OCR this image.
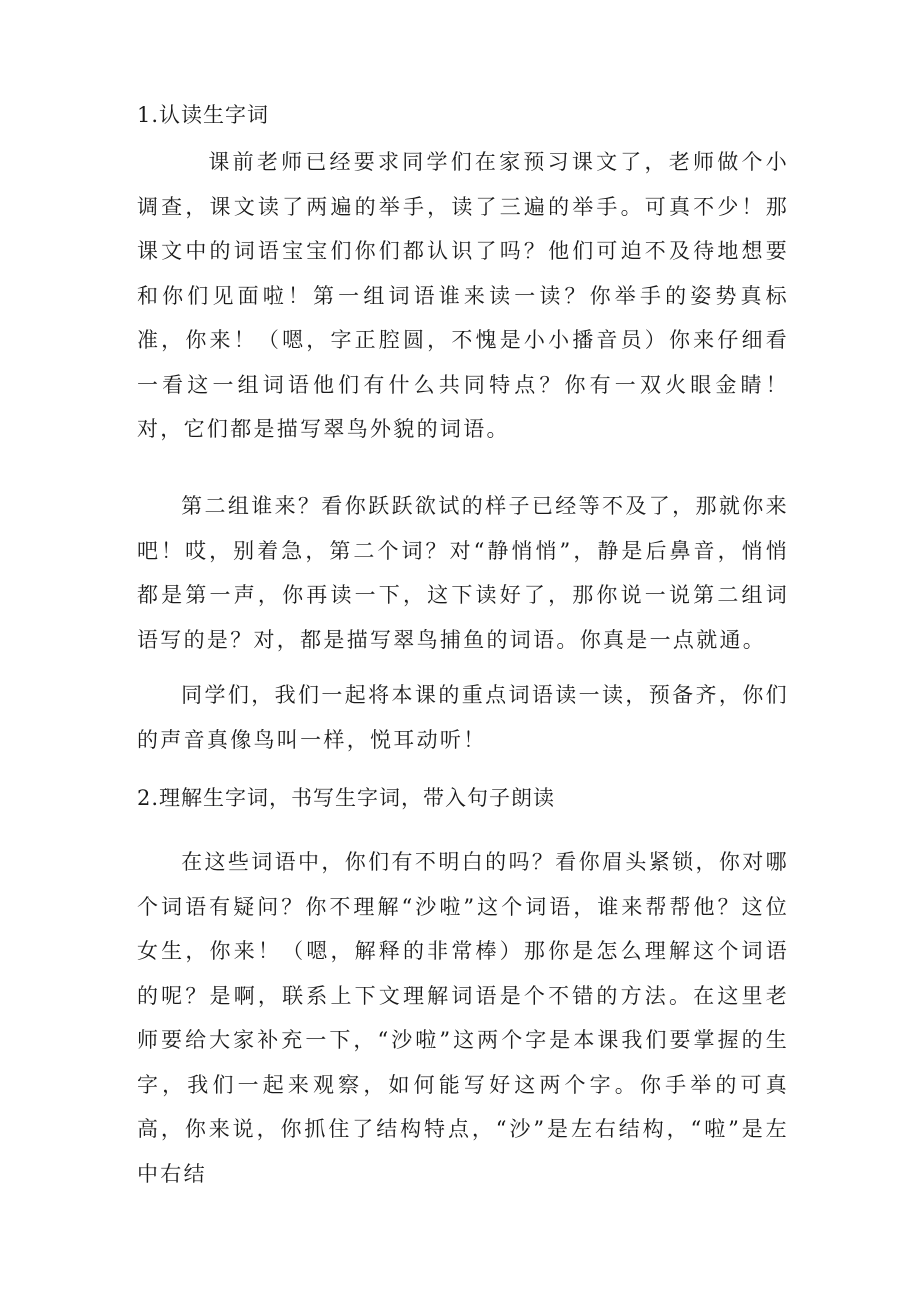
1.认读生字词

课前老师已经要求同学们在家预习课文了，老师做个小调查，课文读了两遍的举手，读了三遍的举手。可真不少！那课文中的词语宝宝们你们都认识了吗？他们可迫不及待地想要和你们见面啦！第一组词语谁来读一读？你举手的姿势真标准，你来！（嗯，字正腔圆，不愧是小小播音员）你来仔细看一看这一组词语他们有什么共同特点？你有一双火眼金睛！对，它们都是描写翠鸟外貌的词语。

第二组谁来？看你跃跃欲试的样子已经等不及了，那就你来吧！哎，别着急，第二个词？对“静悄悄”，静是后鼻音，悄悄都是第一声，你再读一下，这下读好了，那你说一说第二组词语写的是？对，都是描写翠鸟捕鱼的词语。你真是一点就通。

同学们，我们一起将本课的重点词语读一读，预备齐，你们的声音真像鸟叫一样，悦耳动听！

2.理解生字词，书写生字词，带入句子朗读

在这些词语中，你们有不明白的吗？看你眉头紧锁，你对哪个词语有疑问？你不理解“沙啦”这个词语，谁来帮帮他？这位女生，你来！（嗯，解释的非常棒）那你是怎么理解这个词语的呢？是啊，联系上下文理解词语是个不错的方法。在这里老师要给大家补充一下，“沙啦”这两个字是本课我们要掌握的生字，我们一起来观察，如何能写好这两个字。你手举的可真高，你来说，你抓住了结构特点，“沙”是左右结构，“啦”是左中右结
